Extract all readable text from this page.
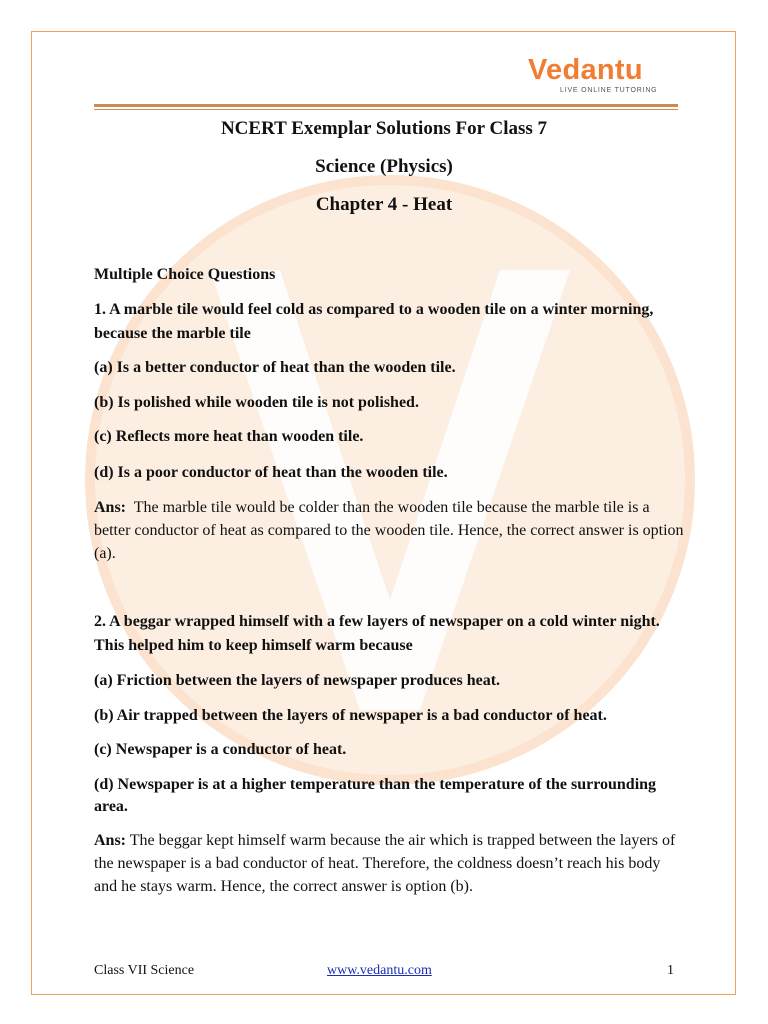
Vedantu
LIVE ONLINE TUTORING
NCERT Exemplar Solutions For Class 7
Science (Physics)
Chapter 4 - Heat

Multiple Choice Questions

1. A marble tile would feel cold as compared to a wooden tile on a winter morning, because the marble tile

(a) Is a better conductor of heat than the wooden tile.

(b) Is polished while wooden tile is not polished.

(c) Reflects more heat than wooden tile.

(d) Is a poor conductor of heat than the wooden tile.

Ans: The marble tile would be colder than the wooden tile because the marble tile is a better conductor of heat as compared to the wooden tile. Hence, the correct answer is option (a).

2. A beggar wrapped himself with a few layers of newspaper on a cold winter night. This helped him to keep himself warm because

(a) Friction between the layers of newspaper produces heat.

(b) Air trapped between the layers of newspaper is a bad conductor of heat.

(c) Newspaper is a conductor of heat.

(d) Newspaper is at a higher temperature than the temperature of the surrounding area.

Ans: The beggar kept himself warm because the air which is trapped between the layers of the newspaper is a bad conductor of heat. Therefore, the coldness doesn’t reach his body and he stays warm. Hence, the correct answer is option (b).

Class VII Science	www.vedantu.com	1
